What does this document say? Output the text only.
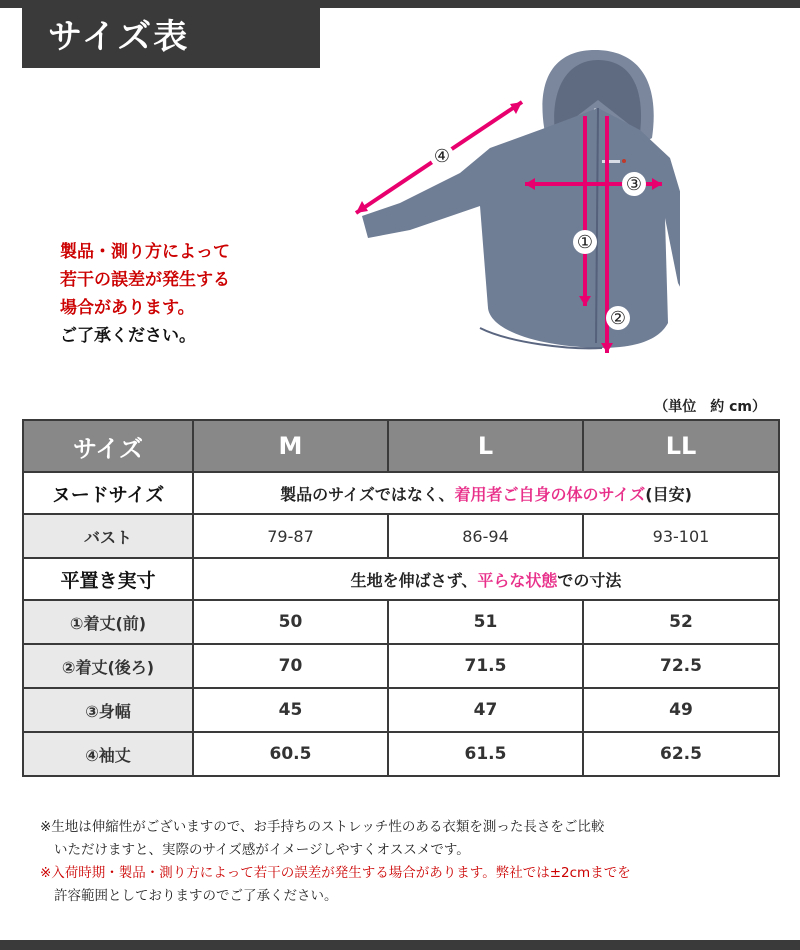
サイズ表
④
③
①
②
製品・測り方によって
若干の誤差が発生する
場合があります。
ご了承ください。
（単位　約 cm）
サイズ	M	L	LL
ヌードサイズ	製品のサイズではなく、着用者ご自身の体のサイズ(目安)		
バスト	79-87	86-94	93-101
平置き実寸	生地を伸ばさず、平らな状態での寸法		
①着丈(前)	50	51	52
②着丈(後ろ)	70	71.5	72.5
③身幅	45	47	49
④袖丈	60.5	61.5	62.5
※生地は伸縮性がございますので、お手持ちのストレッチ性のある衣類を測った長さをご比較
いただけますと、実際のサイズ感がイメージしやすくオススメです。
※入荷時期・製品・測り方によって若干の誤差が発生する場合があります。弊社では±2cmまでを
許容範囲としておりますのでご了承ください。
